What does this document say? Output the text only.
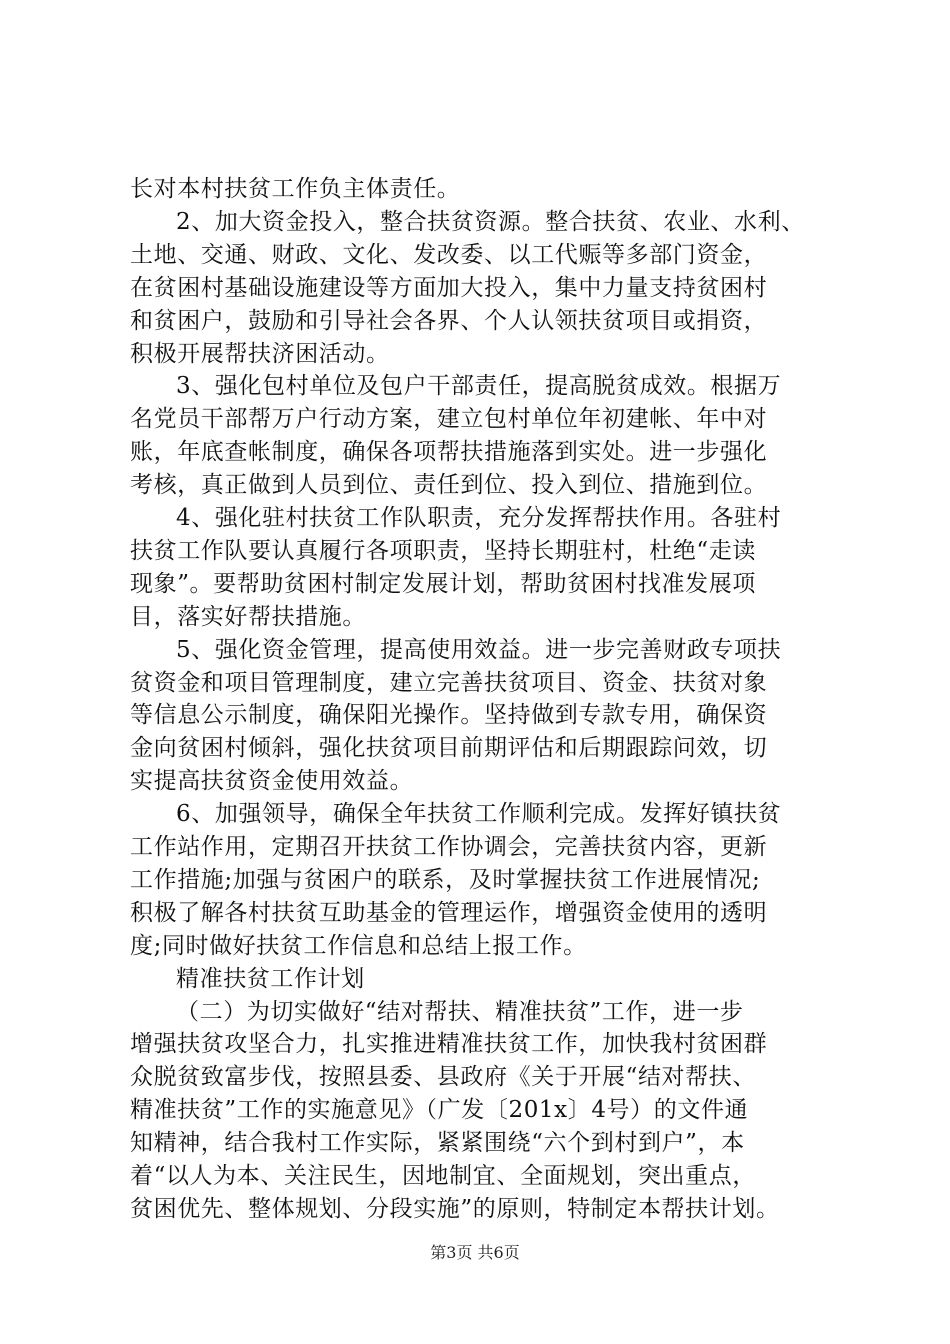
长对本村扶贫工作负主体责任。
2、加大资金投入，整合扶贫资源。整合扶贫、农业、水利、
土地、交通、财政、文化、发改委、以工代赈等多部门资金，
在贫困村基础设施建设等方面加大投入，集中力量支持贫困村
和贫困户，鼓励和引导社会各界、个人认领扶贫项目或捐资，
积极开展帮扶济困活动。
3、强化包村单位及包户干部责任，提高脱贫成效。根据万
名党员干部帮万户行动方案，建立包村单位年初建帐、年中对
账，年底查帐制度，确保各项帮扶措施落到实处。进一步强化
考核，真正做到人员到位、责任到位、投入到位、措施到位。
4、强化驻村扶贫工作队职责，充分发挥帮扶作用。各驻村
扶贫工作队要认真履行各项职责，坚持长期驻村，杜绝“走读
现象”。要帮助贫困村制定发展计划，帮助贫困村找准发展项
目，落实好帮扶措施。
5、强化资金管理，提高使用效益。进一步完善财政专项扶
贫资金和项目管理制度，建立完善扶贫项目、资金、扶贫对象
等信息公示制度，确保阳光操作。坚持做到专款专用，确保资
金向贫困村倾斜，强化扶贫项目前期评估和后期跟踪问效，切
实提高扶贫资金使用效益。
6、加强领导，确保全年扶贫工作顺利完成。发挥好镇扶贫
工作站作用，定期召开扶贫工作协调会，完善扶贫内容，更新
工作措施;加强与贫困户的联系，及时掌握扶贫工作进展情况;
积极了解各村扶贫互助基金的管理运作，增强资金使用的透明
度;同时做好扶贫工作信息和总结上报工作。
精准扶贫工作计划
（二）为切实做好“结对帮扶、精准扶贫”工作，进一步
增强扶贫攻坚合力，扎实推进精准扶贫工作，加快我村贫困群
众脱贫致富步伐，按照县委、县政府《关于开展“结对帮扶、
精准扶贫”工作的实施意见》（广发〔201x〕4号）的文件通
知精神，结合我村工作实际，紧紧围绕“六个到村到户”，本
着“以人为本、关注民生，因地制宜、全面规划，突出重点，
贫困优先、整体规划、分段实施”的原则，特制定本帮扶计划。
第3页 共6页
